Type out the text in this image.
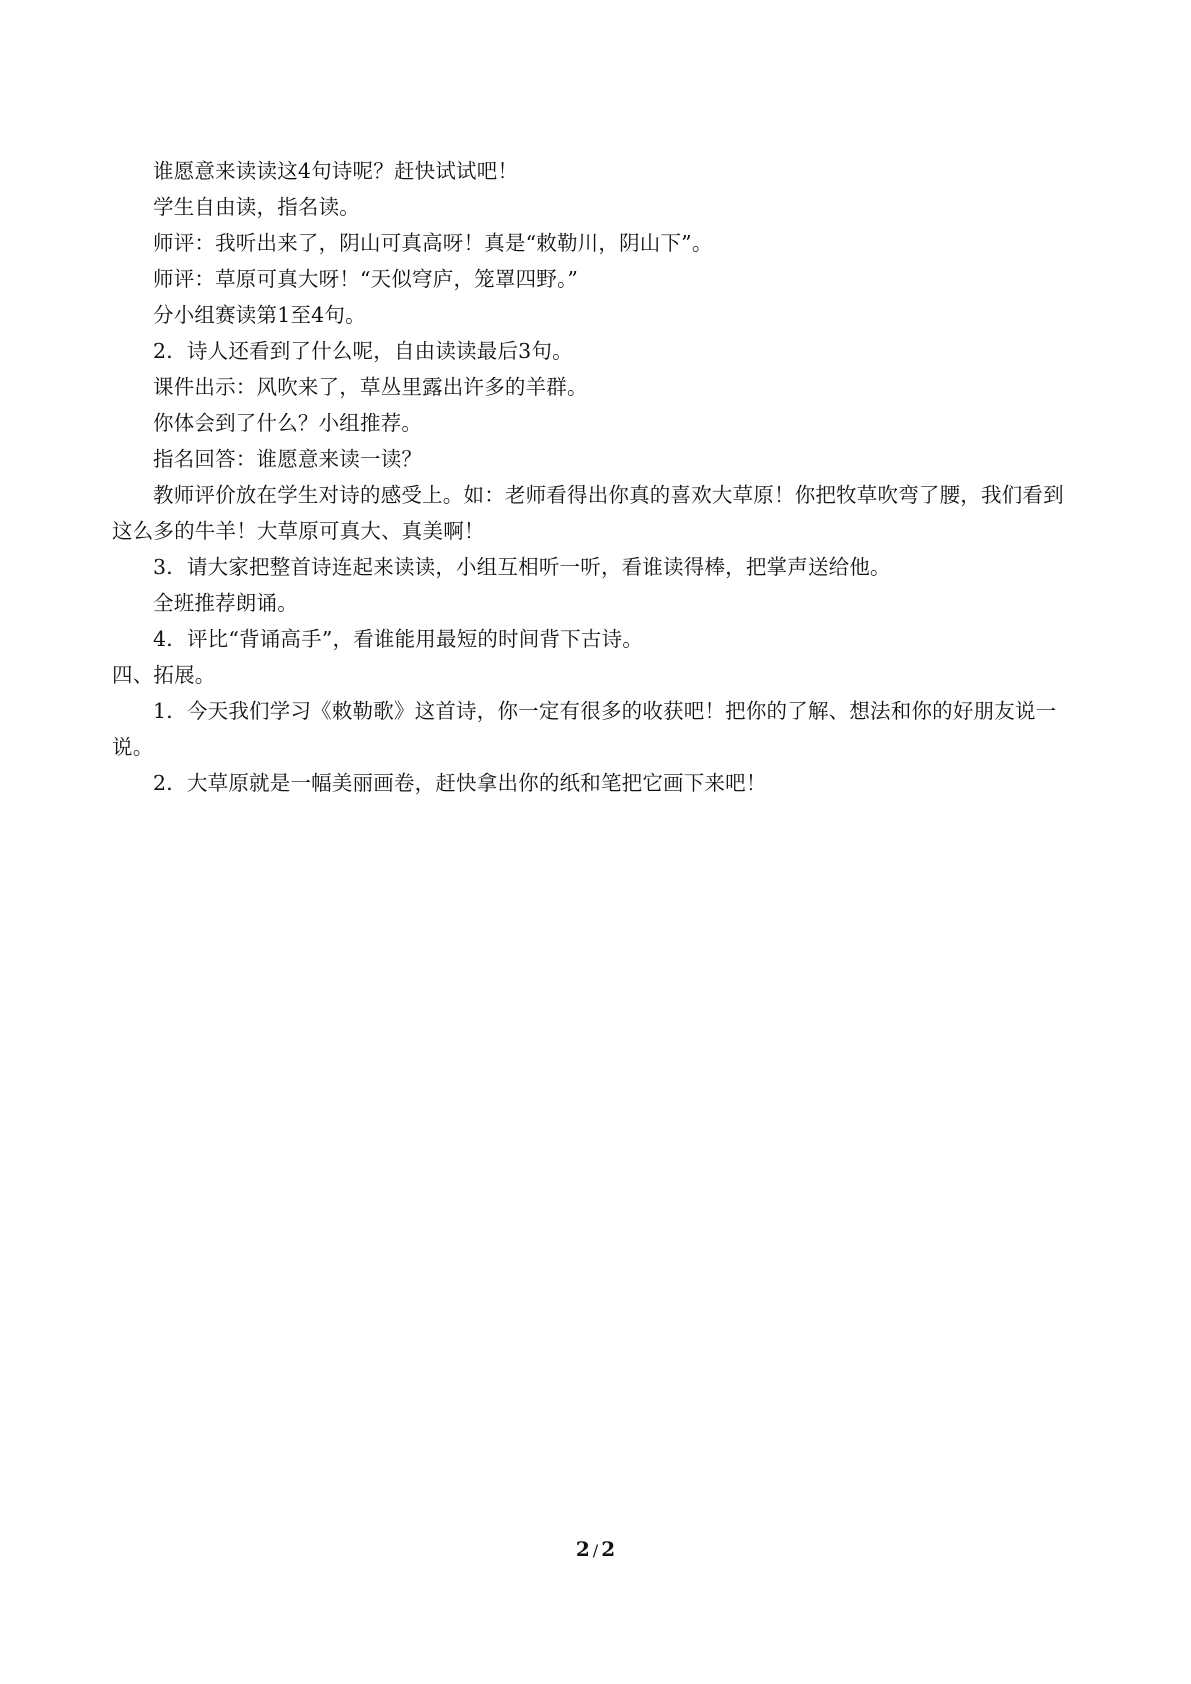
谁愿意来读读这4句诗呢？赶快试试吧！

学生自由读，指名读。

师评：我听出来了，阴山可真高呀！真是“敕勒川，阴山下”。

师评：草原可真大呀！“天似穹庐，笼罩四野。”

分小组赛读第1至4句。

2．诗人还看到了什么呢，自由读读最后3句。

课件出示：风吹来了，草丛里露出许多的羊群。

你体会到了什么？小组推荐。

指名回答：谁愿意来读一读？

教师评价放在学生对诗的感受上。如：老师看得出你真的喜欢大草原！你把牧草吹弯了腰，我们看到这么多的牛羊！大草原可真大、真美啊！

3．请大家把整首诗连起来读读，小组互相听一听，看谁读得棒，把掌声送给他。

全班推荐朗诵。

4．评比“背诵高手”，看谁能用最短的时间背下古诗。

四、拓展。

1．今天我们学习《敕勒歌》这首诗，你一定有很多的收获吧！把你的了解、想法和你的好朋友说一说。

2．大草原就是一幅美丽画卷，赶快拿出你的纸和笔把它画下来吧！

2 / 2
